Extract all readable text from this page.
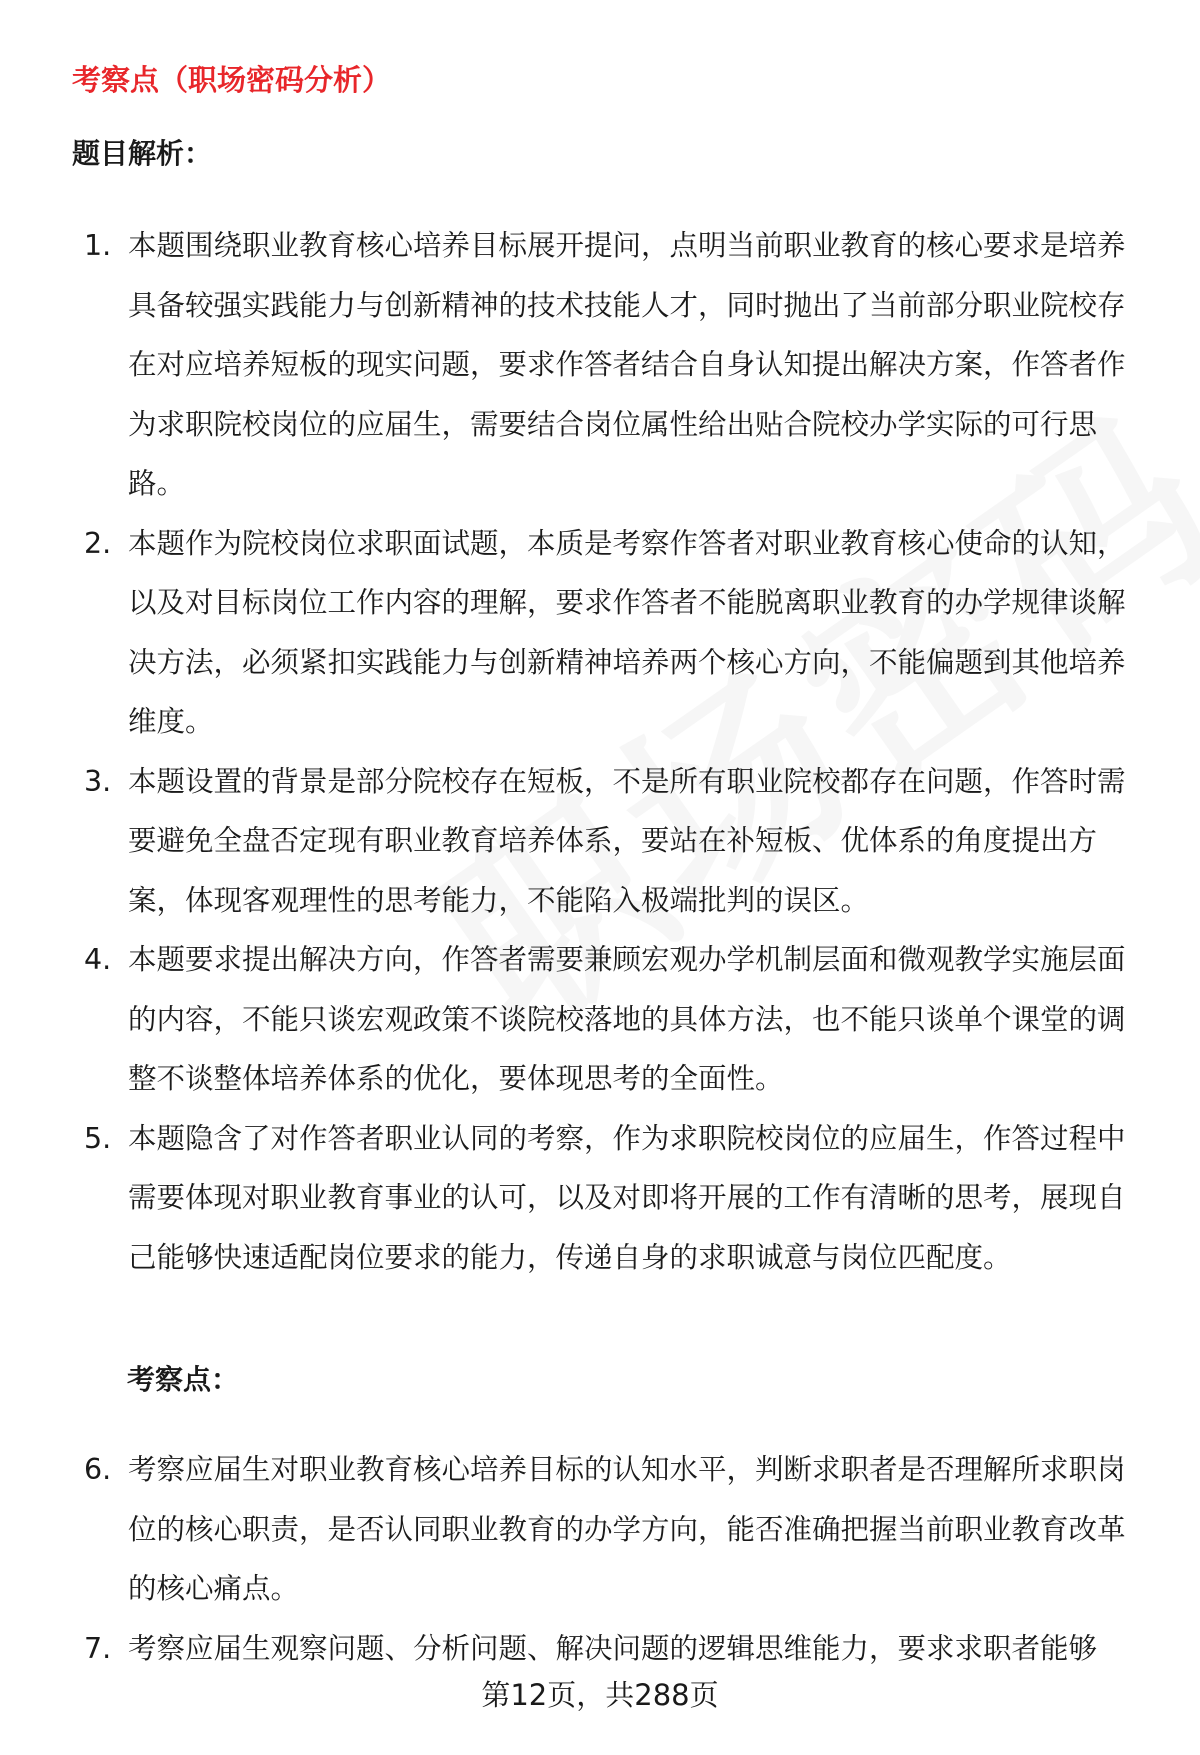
考察点（职场密码分析）
题目解析：
1. 本题围绕职业教育核心培养目标展开提问，点明当前职业教育的核心要求是培养具备较强实践能力与创新精神的技术技能人才，同时抛出了当前部分职业院校存在对应培养短板的现实问题，要求作答者结合自身认知提出解决方案，作答者作为求职院校岗位的应届生，需要结合岗位属性给出贴合院校办学实际的可行思路。
2. 本题作为院校岗位求职面试题，本质是考察作答者对职业教育核心使命的认知，以及对目标岗位工作内容的理解，要求作答者不能脱离职业教育的办学规律谈解决方法，必须紧扣实践能力与创新精神培养两个核心方向，不能偏题到其他培养维度。
3. 本题设置的背景是部分院校存在短板，不是所有职业院校都存在问题，作答时需要避免全盘否定现有职业教育培养体系，要站在补短板、优体系的角度提出方案，体现客观理性的思考能力，不能陷入极端批判的误区。
4. 本题要求提出解决方向，作答者需要兼顾宏观办学机制层面和微观教学实施层面的内容，不能只谈宏观政策不谈院校落地的具体方法，也不能只谈单个课堂的调整不谈整体培养体系的优化，要体现思考的全面性。
5. 本题隐含了对作答者职业认同的考察，作为求职院校岗位的应届生，作答过程中需要体现对职业教育事业的认可，以及对即将开展的工作有清晰的思考，展现自己能够快速适配岗位要求的能力，传递自身的求职诚意与岗位匹配度。
考察点：
6. 考察应届生对职业教育核心培养目标的认知水平，判断求职者是否理解所求职岗位的核心职责，是否认同职业教育的办学方向，能否准确把握当前职业教育改革的核心痛点。
7. 考察应届生观察问题、分析问题、解决问题的逻辑思维能力，要求求职者能够
第12页，共288页
